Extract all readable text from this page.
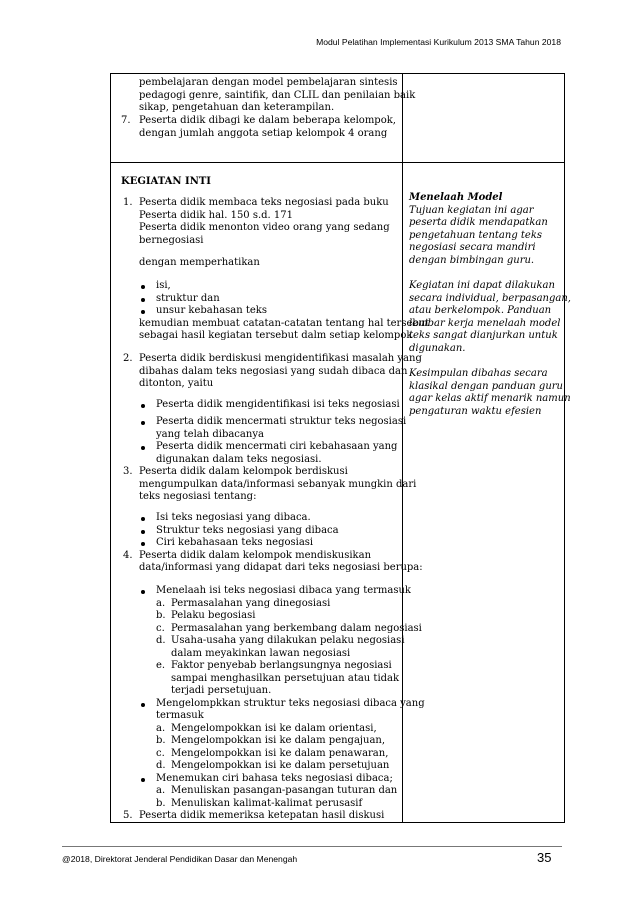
Modul Pelatihan Implementasi Kurikulum 2013 SMA Tahun 2018
pembelajaran dengan model pembelajaran sintesis
pedagogi genre, saintifik, dan CLIL dan penilaian baik
sikap, pengetahuan dan keterampilan.
7. Peserta didik dibagi ke dalam beberapa kelompok,
dengan jumlah anggota setiap kelompok 4 orang
KEGIATAN INTI
1. Peserta didik membaca teks negosiasi pada buku
Peserta didik hal. 150 s.d. 171
Peserta didik menonton video orang yang sedang
bernegosiasi
dengan memperhatikan
isi,
struktur dan
unsur kebahasan teks
kemudian membuat catatan-catatan tentang hal tersebut
sebagai hasil kegiatan tersebut dalm setiap kelompok
2. Peserta didik berdiskusi mengidentifikasi masalah yang
dibahas dalam teks negosiasi yang sudah dibaca dan
ditonton, yaitu
Peserta didik mengidentifikasi isi teks negosiasi
Peserta didik mencermati struktur teks negosiasi
yang telah dibacanya
Peserta didik mencermati ciri kebahasaan yang
digunakan dalam teks negosiasi.
3. Peserta didik dalam kelompok berdiskusi
mengumpulkan data/informasi sebanyak mungkin dari
teks negosiasi tentang:
Isi teks negosiasi yang dibaca.
Struktur teks negosiasi yang dibaca
Ciri kebahasaan teks negosiasi
4. Peserta didik dalam kelompok mendiskusikan
data/informasi yang didapat dari teks negosiasi berupa:
Menelaah isi teks negosiasi dibaca yang termasuk
a. Permasalahan yang dinegosiasi
b. Pelaku begosiasi
c. Permasalahan yang berkembang dalam negosiasi
d. Usaha-usaha yang dilakukan pelaku negosiasi
dalam meyakinkan lawan negosiasi
e. Faktor penyebab berlangsungnya negosiasi
sampai menghasilkan persetujuan atau tidak
terjadi persetujuan.
Mengelompkkan struktur teks negosiasi dibaca yang
termasuk
a. Mengelompokkan isi ke dalam orientasi,
b. Mengelompokkan isi ke dalam pengajuan,
c. Mengelompokkan isi ke dalam penawaran,
d. Mengelompokkan isi ke dalam persetujuan
Menemukan ciri bahasa teks negosiasi dibaca;
a. Menuliskan pasangan-pasangan tuturan dan
b. Menuliskan kalimat-kalimat perusasif
5. Peserta didik memeriksa ketepatan hasil diskusi
Menelaah Model
Tujuan kegiatan ini agar
peserta didik mendapatkan
pengetahuan tentang teks
negosiasi secara mandiri
dengan bimbingan guru.
Kegiatan ini dapat dilakukan
secara individual, berpasangan,
atau berkelompok. Panduan
lembar kerja menelaah model
teks sangat dianjurkan untuk
digunakan.
Kesimpulan dibahas secara
klasikal dengan panduan guru
agar kelas aktif menarik namun
pengaturan waktu efesien
@2018, Direktorat Jenderal Pendidikan Dasar dan Menengah	35
